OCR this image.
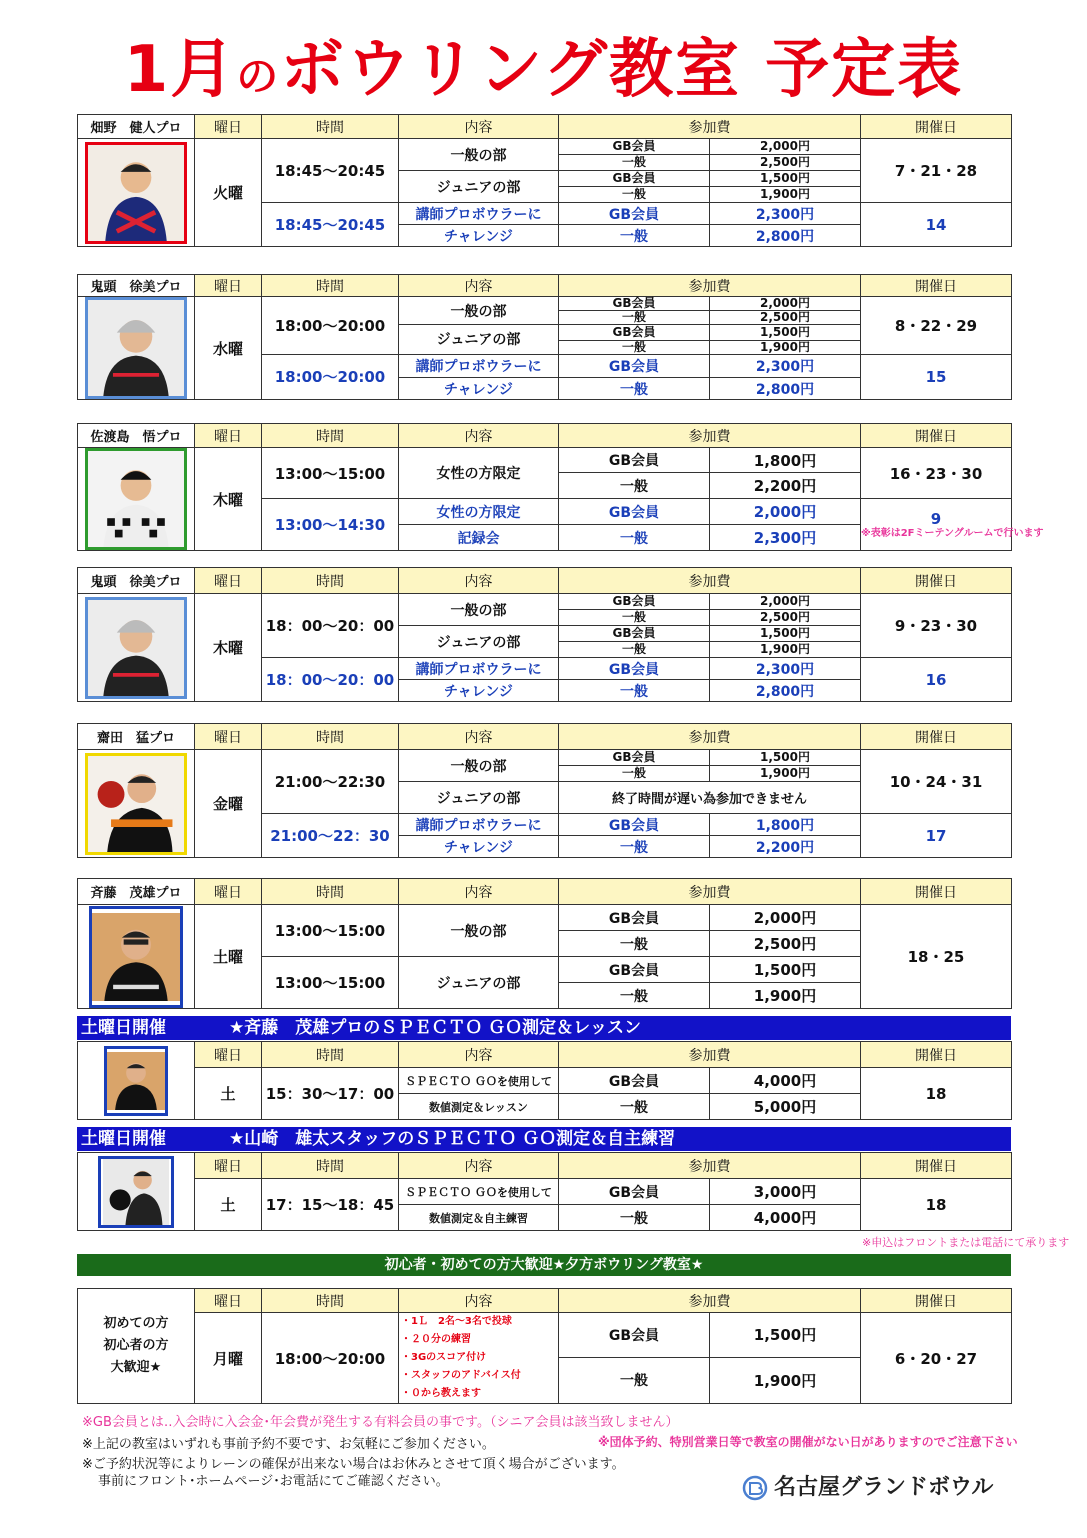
1月のボウリング教室 予定表
畑野　健人プロ	曜日	時間	内容	参加費		開催日

	火曜	18:45～20:45	一般の部	GB会員	2,000円	7・21・28
				一般	2,500円	
			ジュニアの部	GB会員	1,500円	
				一般	1,900円	
		18:45～20:45	講師プロボウラーに	GB会員	2,300円	14
			チャレンジ	一般	2,800円	
鬼頭　徐美プロ	曜日	時間	内容	参加費		開催日

	水曜	18:00～20:00	一般の部	GB会員	2,000円	8・22・29
				一般	2,500円	
			ジュニアの部	GB会員	1,500円	
				一般	1,900円	
		18:00～20:00	講師プロボウラーに	GB会員	2,300円	15
			チャレンジ	一般	2,800円	
佐渡島　悟プロ	曜日	時間	内容	参加費		開催日

	木曜	13:00～15:00	女性の方限定	GB会員	1,800円	16・23・30
				一般	2,200円	
		13:00～14:30	女性の方限定	GB会員	2,000円	9
※表彰は2Fミーテングルームで行います

			記録会	一般	2,300円	
鬼頭　徐美プロ	曜日	時間	内容	参加費		開催日

	木曜	18：00～20：00	一般の部	GB会員	2,000円	9・23・30
				一般	2,500円	
			ジュニアの部	GB会員	1,500円	
				一般	1,900円	
		18：00～20：00	講師プロボウラーに	GB会員	2,300円	16
			チャレンジ	一般	2,800円	
齋田　猛プロ	曜日	時間	内容	参加費		開催日

	金曜	21:00～22:30	一般の部	GB会員	1,500円	10・24・31
				一般	1,900円	
			ジュニアの部	終了時間が遅い為参加できません		
		21:00～22：30	講師プロボウラーに	GB会員	1,800円	17
			チャレンジ	一般	2,200円	
斉藤　茂雄プロ	曜日	時間	内容	参加費		開催日

	土曜	13:00～15:00	一般の部	GB会員	2,000円	18・25
				一般	2,500円	
		13:00～15:00	ジュニアの部	GB会員	1,500円	
				一般	1,900円	
土曜日開催	★斉藤　茂雄プロのＳＰＥＣＴＯ ＧＯ測定＆レッスン
	曜日	時間	内容	参加費		開催日
	土	15：30～17：00	ＳＰＥＣＴＯ ＧＯを使用して	GB会員	4,000円	18
			数値測定＆レッスン	一般	5,000円	
土曜日開催	★山崎　雄太スタッフのＳＰＥＣＴＯ ＧＯ測定＆自主練習
	曜日	時間	内容	参加費		開催日
	土	17：15～18：45	ＳＰＥＣＴＯ ＧＯを使用して	GB会員	3,000円	18
			数値測定＆自主練習	一般	4,000円	
※申込はフロントまたは電話にて承ります
初心者・初めての方大歓迎★夕方ボウリング教室★
初めての方
初心者の方
大歓迎★	曜日	時間	内容	参加費		開催日
	月曜	18:00～20:00	・1Ｌ　2名～3名で投球
・２０分の練習
・3Gのスコア付け
・スタッフのアドバイス付
・０から教えます	GB会員	1,500円	6・20・27
				一般	1,900円	
※GB会員とは‥入会時に入会金･年会費が発生する有料会員の事です。（シニア会員は該当致しません）
※上記の教室はいずれも事前予約不要です、お気軽にご参加ください。	※団体予約、特別営業日等で教室の開催がない日がありますのでご注意下さい
※ご予約状況等によりレーンの確保が出来ない場合はお休みとさせて頂く場合がございます。
事前にフロント･ホームページ･お電話にてご確認ください。	名古屋グランドボウル
